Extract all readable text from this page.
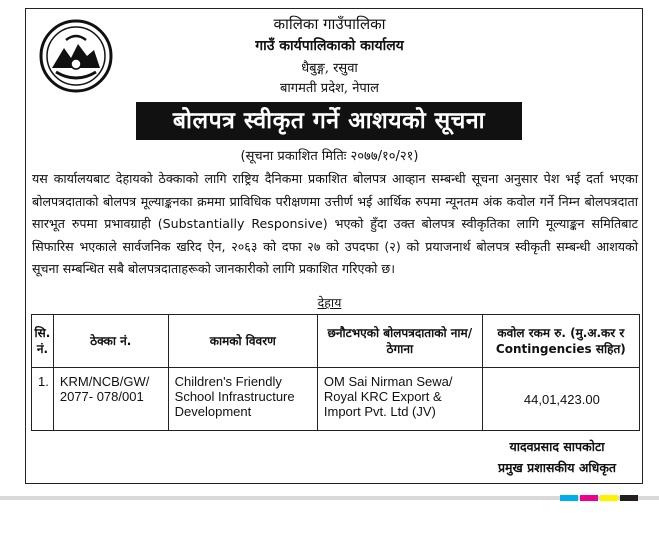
कालिका गाउँपालिका
गाउँ कार्यपालिकाको कार्यालय
धैबुङ्ग, रसुवा
बागमती प्रदेश, नेपाल
बोलपत्र स्वीकृत गर्ने आशयको सूचना
(सूचना प्रकाशित मितिः २०७७/१०/२१)
यस कार्यालयबाट देहायको ठेक्काको लागि राष्ट्रिय दैनिकमा प्रकाशित बोलपत्र आव्हान सम्बन्धी सूचना अनुसार पेश भई दर्ता भएका बोलपत्रदाताको बोलपत्र मूल्याङ्कनका क्रममा प्राविधिक परीक्षणमा उत्तीर्ण भई आर्थिक रुपमा न्यूनतम अंक कवोल गर्ने निम्न बोलपत्रदाता सारभूत रुपमा प्रभावग्राही (Substantially Responsive) भएको हुँदा उक्त बोलपत्र स्वीकृतिका लागि मूल्याङ्कन समितिबाट सिफारिस भएकाले सार्वजनिक खरिद ऐन, २०६३ को दफा २७ को उपदफा (२) को प्रयाजनार्थ बोलपत्र स्वीकृती सम्बन्धी आशयको सूचना सम्बन्धित सबै बोलपत्रदाताहरूको जानकारीको लागि प्रकाशित गरिएको छ।
देहाय
सि. नं.	ठेक्का नं.	कामको विवरण	छनौटभएको बोलपत्रदाताको नाम/ ठेगाना	कवोल रकम रु. (मु.अ.कर र Contingencies सहित)
1.	KRM/NCB/GW/ 2077- 078/001	Children's Friendly School Infrastructure Development	OM Sai Nirman Sewa/ Royal KRC Export & Import Pvt. Ltd (JV)	44,01,423.00
यादवप्रसाद सापकोटा
प्रमुख प्रशासकीय अधिकृत
